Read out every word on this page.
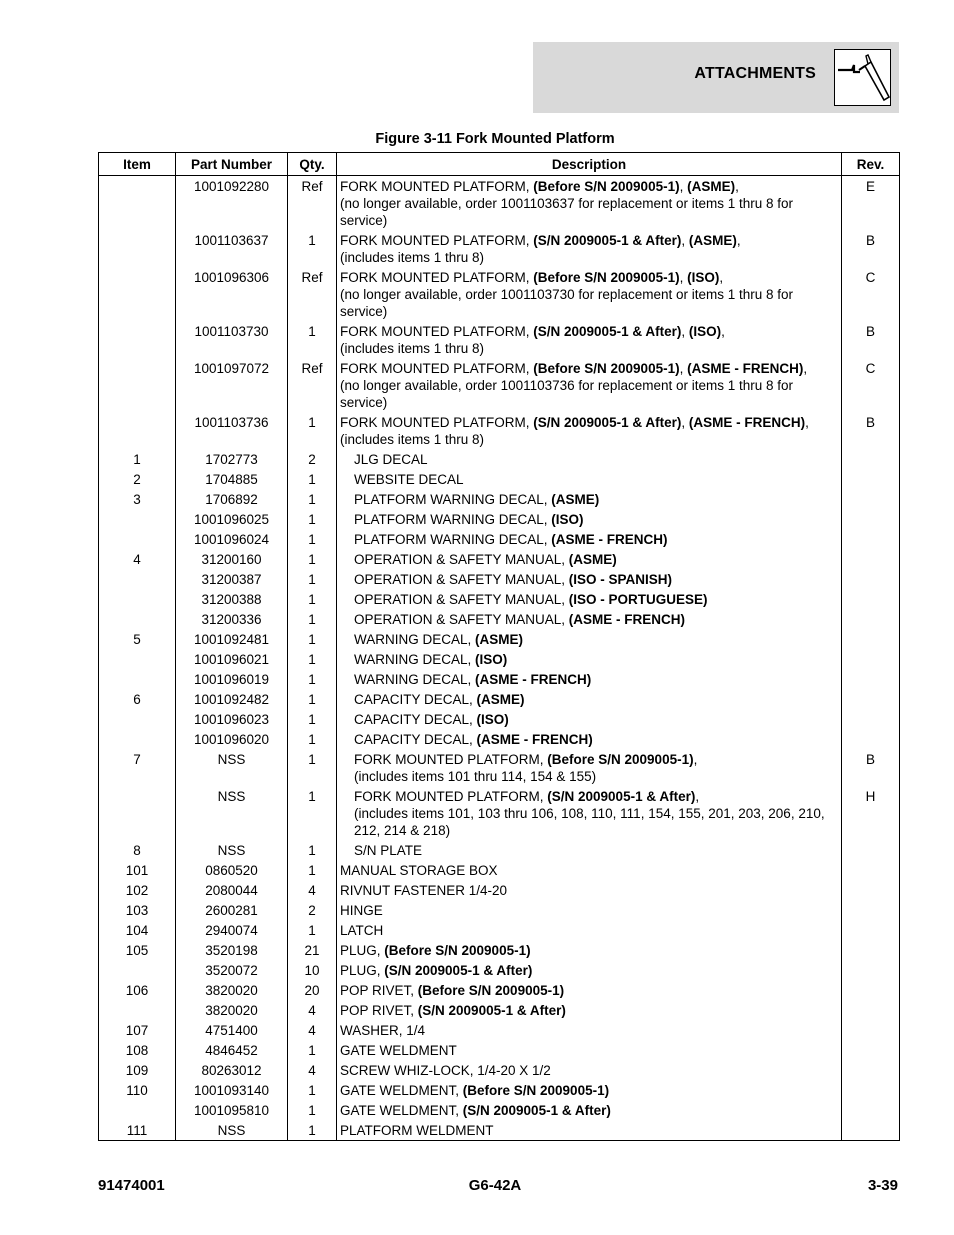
ATTACHMENTS
Figure 3-11 Fork Mounted Platform
Item	Part Number	Qty.	Description	Rev.
	1001092280	Ref	FORK MOUNTED PLATFORM, (Before S/N 2009005-1), (ASME),
(no longer available, order 1001103637 for replacement or items 1 thru 8 for service)	E
	1001103637	1	FORK MOUNTED PLATFORM, (S/N 2009005-1 & After), (ASME),
(includes items 1 thru 8)	B
	1001096306	Ref	FORK MOUNTED PLATFORM, (Before S/N 2009005-1), (ISO),
(no longer available, order 1001103730 for replacement or items 1 thru 8 for service)	C
	1001103730	1	FORK MOUNTED PLATFORM, (S/N 2009005-1 & After), (ISO),
(includes items 1 thru 8)	B
	1001097072	Ref	FORK MOUNTED PLATFORM, (Before S/N 2009005-1), (ASME - FRENCH),
(no longer available, order 1001103736 for replacement or items 1 thru 8 for service)	C
	1001103736	1	FORK MOUNTED PLATFORM, (S/N 2009005-1 & After), (ASME - FRENCH),
(includes items 1 thru 8)	B
1	1702773	2	JLG DECAL	

2	1704885	1	WEBSITE DECAL	

3	1706892	1	PLATFORM WARNING DECAL, (ASME)	

	1001096025	1	PLATFORM WARNING DECAL, (ISO)	

	1001096024	1	PLATFORM WARNING DECAL, (ASME - FRENCH)	

4	31200160	1	OPERATION & SAFETY MANUAL, (ASME)	

	31200387	1	OPERATION & SAFETY MANUAL, (ISO - SPANISH)	

	31200388	1	OPERATION & SAFETY MANUAL, (ISO - PORTUGUESE)	

	31200336	1	OPERATION & SAFETY MANUAL, (ASME - FRENCH)	

5	1001092481	1	WARNING DECAL, (ASME)	

	1001096021	1	WARNING DECAL, (ISO)	

	1001096019	1	WARNING DECAL, (ASME - FRENCH)	

6	1001092482	1	CAPACITY DECAL, (ASME)	

	1001096023	1	CAPACITY DECAL, (ISO)	

	1001096020	1	CAPACITY DECAL, (ASME - FRENCH)	

7	NSS	1	FORK MOUNTED PLATFORM, (Before S/N 2009005-1),
(includes items 101 thru 114, 154 & 155)	B
	NSS	1	FORK MOUNTED PLATFORM, (S/N 2009005-1 & After),
(includes items 101, 103 thru 106, 108, 110, 111, 154, 155, 201, 203, 206, 210, 212, 214 & 218)	H
8	NSS	1	S/N PLATE	

101	0860520	1	MANUAL STORAGE BOX	

102	2080044	4	RIVNUT FASTENER 1/4-20	

103	2600281	2	HINGE	

104	2940074	1	LATCH	

105	3520198	21	PLUG, (Before S/N 2009005-1)	

	3520072	10	PLUG, (S/N 2009005-1 & After)	

106	3820020	20	POP RIVET, (Before S/N 2009005-1)	

	3820020	4	POP RIVET, (S/N 2009005-1 & After)	

107	4751400	4	WASHER, 1/4	

108	4846452	1	GATE WELDMENT	

109	80263012	4	SCREW WHIZ-LOCK, 1/4-20 X 1/2	

110	1001093140	1	GATE WELDMENT, (Before S/N 2009005-1)	

	1001095810	1	GATE WELDMENT, (S/N 2009005-1 & After)	

111	NSS	1	PLATFORM WELDMENT	

91474001	G6-42A	3-39
